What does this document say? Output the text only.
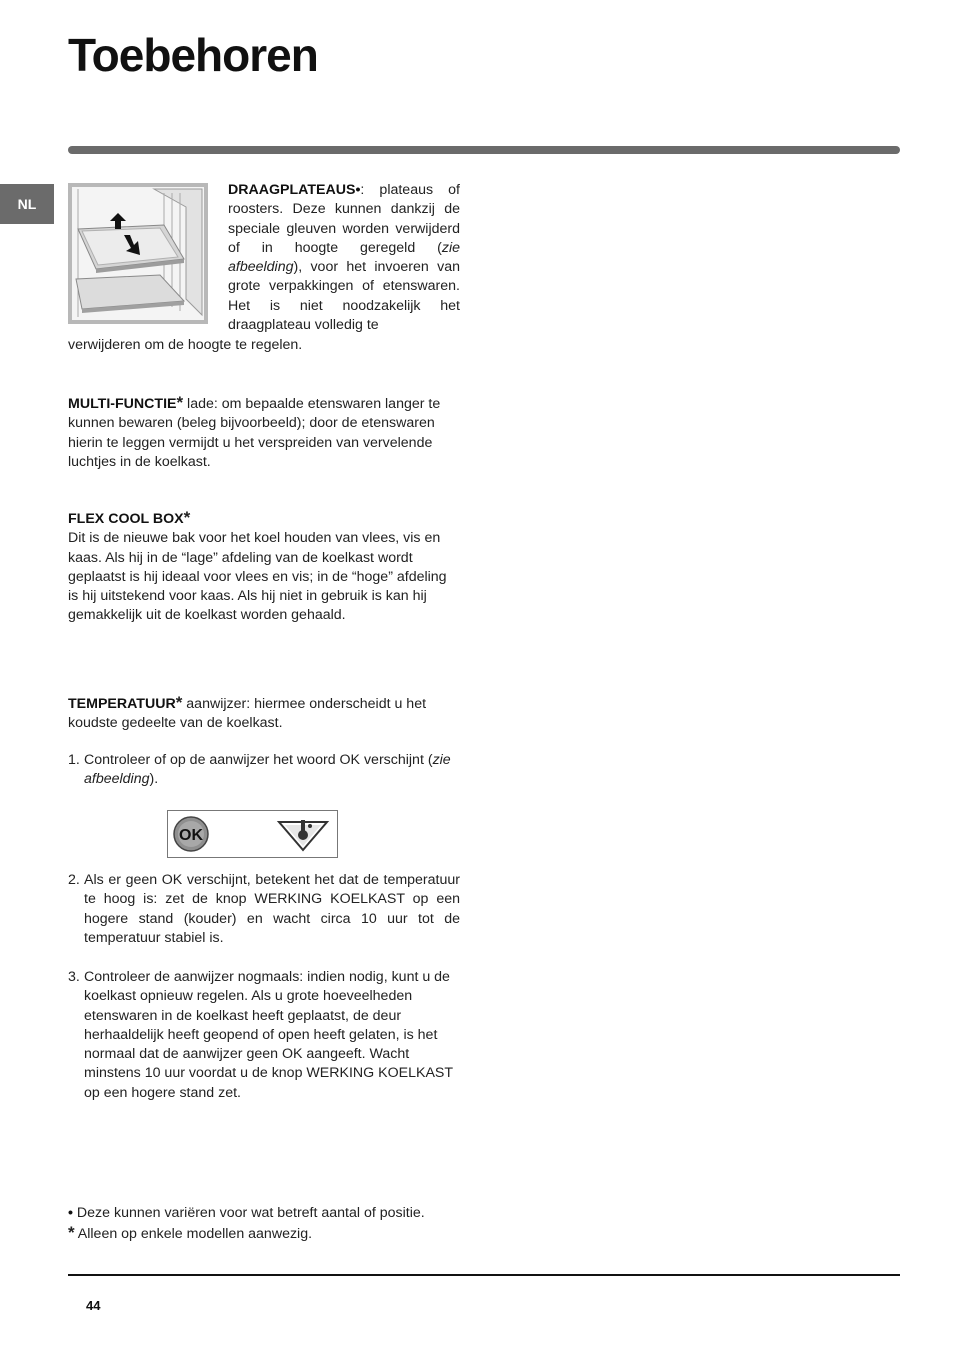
Toebehoren
NL
DRAAGPLATEAUS•: plateaus of roosters. Deze kunnen dankzij de speciale gleuven worden verwijderd of in hoogte geregeld (zie afbeelding), voor het invoeren van grote verpakkingen of etenswaren. Het is niet noodzakelijk het draagplateau volledig te
verwijderen om de hoogte te regelen.

MULTI-FUNCTIE* lade: om bepaalde etenswaren langer te kunnen bewaren (beleg bijvoorbeeld); door de etenswaren hierin te leggen vermijdt u het verspreiden van vervelende luchtjes in de koelkast.

FLEX COOL BOX*

Dit is de nieuwe bak voor het koel houden van vlees, vis en kaas. Als hij in de “lage” afdeling van de koelkast wordt geplaatst is hij ideaal voor vlees en vis; in de “hoge” afdeling is hij uitstekend voor kaas. Als hij niet in gebruik is kan hij gemakkelijk uit de koelkast worden gehaald.

TEMPERATUUR* aanwijzer: hiermee onderscheidt u het koudste gedeelte van de koelkast.

1. Controleer of op de aanwijzer het woord OK verschijnt (zie afbeelding).
OK
2. Als er geen OK verschijnt, betekent het dat de temperatuur te hoog is: zet de knop WERKING KOELKAST op een hogere stand (kouder) en wacht circa 10 uur tot de temperatuur stabiel is.
3. Controleer de aanwijzer nogmaals: indien nodig, kunt u de koelkast opnieuw regelen. Als u grote hoeveelheden etenswaren in de koelkast heeft geplaatst, de deur herhaaldelijk heeft geopend of open heeft gelaten, is het normaal dat de aanwijzer geen OK aangeeft. Wacht minstens 10 uur voordat u de knop WERKING KOELKAST op een hogere stand zet.
• Deze kunnen variëren voor wat betreft aantal of positie.
* Alleen op enkele modellen aanwezig.
44
